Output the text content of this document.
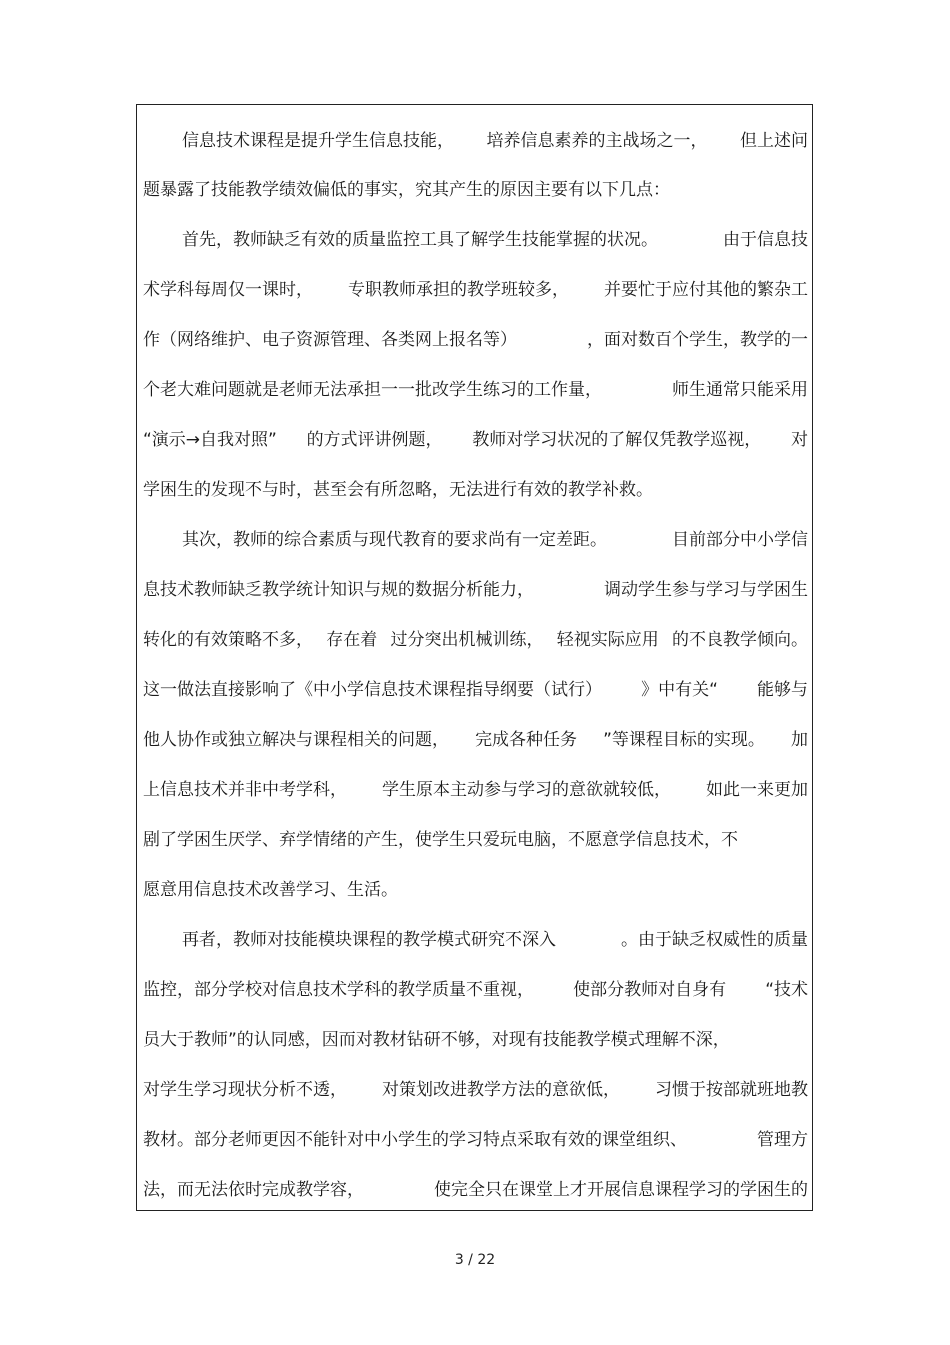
信息技术课程是提升学生信息技能， 培养信息素养的主战场之一， 但上述问
题暴露了技能教学绩效偏低的事实，究其产生的原因主要有以下几点：
首先，教师缺乏有效的质量监控工具了解学生技能掌握的状况。	由于信息技
术学科每周仅一课时， 专职教师承担的教学班较多， 并要忙于应付其他的繁杂工
作（网络维护、电子资源管理、各类网上报名等）	，面对数百个学生，教学的一
个老大难问题就是老师无法承担一一批改学生练习的工作量，	师生通常只能采用
“演示→自我对照” 的方式评讲例题， 教师对学习状况的了解仅凭教学巡视， 对
学困生的发现不与时，甚至会有所忽略，无法进行有效的教学补救。
其次，教师的综合素质与现代教育的要求尚有一定差距。	目前部分中小学信
息技术教师缺乏教学统计知识与规的数据分析能力，	调动学生参与学习与学困生
转化的有效策略不多， 存在着 过分突出机械训练， 轻视实际应用 的不良教学倾向。
这一做法直接影响了《中小学信息技术课程指导纲要（试行） 》中有关“ 能够与
他人协作或独立解决与课程相关的问题， 完成各种任务 ”等课程目标的实现。 加
上信息技术并非中考学科， 学生原本主动参与学习的意欲就较低， 如此一来更加
剧了学困生厌学、弃学情绪的产生，使学生只爱玩电脑，不愿意学信息技术，不
愿意用信息技术改善学习、生活。
再者，教师对技能模块课程的教学模式研究不深入	。由于缺乏权威性的质量
监控，部分学校对信息技术学科的教学质量不重视， 使部分教师对自身有 “技术
员大于教师”的认同感，因而对教材钻研不够，对现有技能教学模式理解不深，
对学生学习现状分析不透， 对策划改进教学方法的意欲低， 习惯于按部就班地教
教材。部分老师更因不能针对中小学生的学习特点采取有效的课堂组织、	管理方
法，而无法依时完成教学容，	使完全只在课堂上才开展信息课程学习的学困生的
3 / 22
